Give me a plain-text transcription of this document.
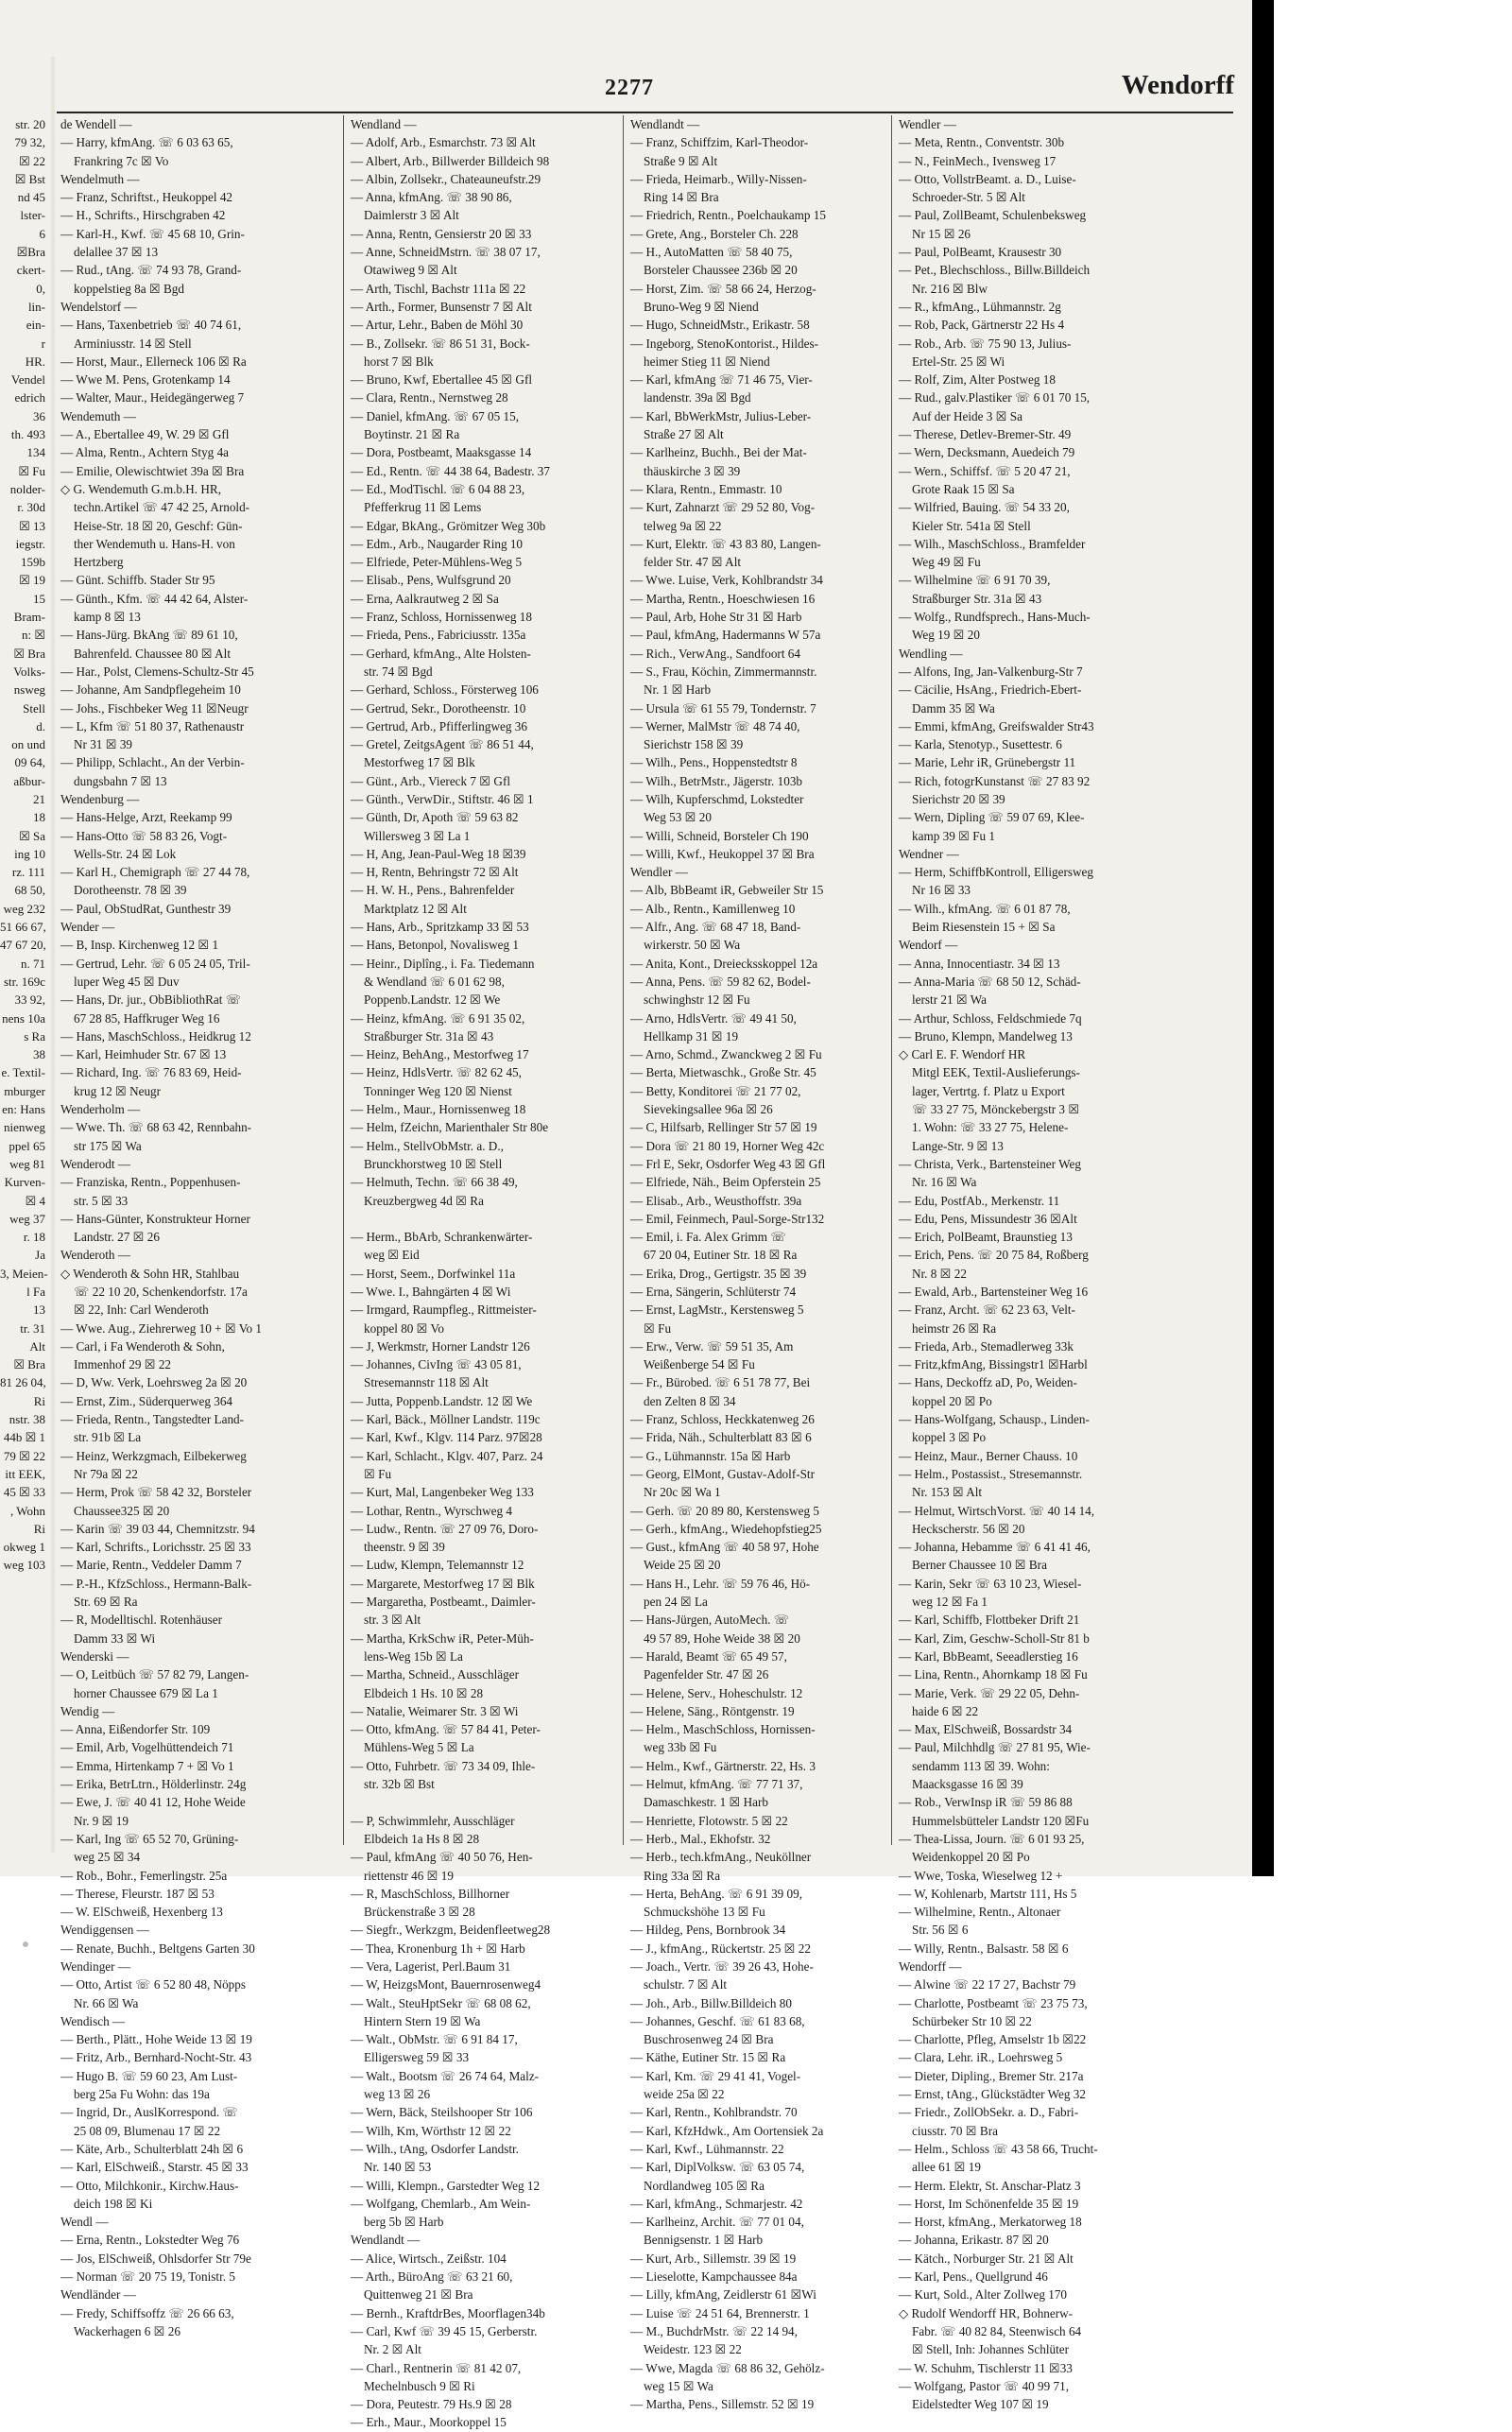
str. 20
79 32,
☒ 22
☒ Bst
nd 45
lster-
6
☒Bra
ckert-
0,
lin-
ein-
r
HR.
Vendel
edrich
36
th. 493
134
☒ Fu
nolder-
r. 30d
☒ 13
iegstr.
159b
☒ 19
15
Bram-
n: ☒
☒ Bra
Volks-
nsweg
Stell
d.
on und
09 64,
aßbur-
21
18
☒ Sa
ing 10
rz. 111
68 50,
weg 232
51 66 67,
47 67 20,
n. 71
str. 169c
33 92,
nens 10a
s Ra
38
e. Textil-
mburger
en: Hans
nienweg
ppel 65
weg 81
Kurven-
☒ 4
weg 37
r. 18
Ja
3, Meien-
l Fa
13
tr. 31
Alt
☒ Bra
81 26 04,
Ri
nstr. 38
44b ☒ 1
79 ☒ 22
itt EEK,
45 ☒ 33
, Wohn
Ri
okweg 1
weg 103
2277	Wendorff
de Wendell —
— Harry, kfmAng. ☏ 6 03 63 65,
Frankring 7c ☒ Vo
Wendelmuth —
— Franz, Schriftst., Heukoppel 42
— H., Schrifts., Hirschgraben 42
— Karl-H., Kwf. ☏ 45 68 10, Grin-
delallee 37 ☒ 13
— Rud., tAng. ☏ 74 93 78, Grand-
koppelstieg 8a ☒ Bgd
Wendelstorf —
— Hans, Taxenbetrieb ☏ 40 74 61,
Arminiusstr. 14 ☒ Stell
— Horst, Maur., Ellerneck 106 ☒ Ra
— Wwe M. Pens, Grotenkamp 14
— Walter, Maur., Heidegängerweg 7
Wendemuth —
— A., Ebertallee 49, W. 29 ☒ Gfl
— Alma, Rentn., Achtern Styg 4a
— Emilie, Olewischtwiet 39a ☒ Bra
◇ G. Wendemuth G.m.b.H. HR,
techn.Artikel ☏ 47 42 25, Arnold-
Heise-Str. 18 ☒ 20, Geschf: Gün-
ther Wendemuth u. Hans-H. von
Hertzberg
— Günt. Schiffb. Stader Str 95
— Günth., Kfm. ☏ 44 42 64, Alster-
kamp 8 ☒ 13
— Hans-Jürg. BkAng ☏ 89 61 10,
Bahrenfeld. Chaussee 80 ☒ Alt
— Har., Polst, Clemens-Schultz-Str 45
— Johanne, Am Sandpflegeheim 10
— Johs., Fischbeker Weg 11 ☒Neugr
— L, Kfm ☏ 51 80 37, Rathenaustr
Nr 31 ☒ 39
— Philipp, Schlacht., An der Verbin-
dungsbahn 7 ☒ 13
Wendenburg —
— Hans-Helge, Arzt, Reekamp 99
— Hans-Otto ☏ 58 83 26, Vogt-
Wells-Str. 24 ☒ Lok
— Karl H., Chemigraph ☏ 27 44 78,
Dorotheenstr. 78 ☒ 39
— Paul, ObStudRat, Gunthestr 39
Wender —
— B, Insp. Kirchenweg 12 ☒ 1
— Gertrud, Lehr. ☏ 6 05 24 05, Tril-
luper Weg 45 ☒ Duv
— Hans, Dr. jur., ObBibliothRat ☏
67 28 85, Haffkruger Weg 16
— Hans, MaschSchloss., Heidkrug 12
— Karl, Heimhuder Str. 67 ☒ 13
— Richard, Ing. ☏ 76 83 69, Heid-
krug 12 ☒ Neugr
Wenderholm —
— Wwe. Th. ☏ 68 63 42, Rennbahn-
str 175 ☒ Wa
Wenderodt —
— Franziska, Rentn., Poppenhusen-
str. 5 ☒ 33
— Hans-Günter, Konstrukteur Horner
Landstr. 27 ☒ 26
Wenderoth —
◇ Wenderoth & Sohn HR, Stahlbau
☏ 22 10 20, Schenkendorfstr. 17a
☒ 22, Inh: Carl Wenderoth
— Wwe. Aug., Ziehrerweg 10 + ☒ Vo 1
— Carl, i Fa Wenderoth & Sohn,
Immenhof 29 ☒ 22
— D, Ww. Verk, Loehrsweg 2a ☒ 20
— Ernst, Zim., Süderquerweg 364
— Frieda, Rentn., Tangstedter Land-
str. 91b ☒ La
— Heinz, Werkzgmach, Eilbekerweg
Nr 79a ☒ 22
— Herm, Prok ☏ 58 42 32, Borsteler
Chaussee325 ☒ 20
— Karin ☏ 39 03 44, Chemnitzstr. 94
— Karl, Schrifts., Lorichsstr. 25 ☒ 33
— Marie, Rentn., Veddeler Damm 7
— P.-H., KfzSchloss., Hermann-Balk-
Str. 69 ☒ Ra
— R, Modelltischl. Rotenhäuser
Damm 33 ☒ Wi
Wenderski —
— O, Leitbüch ☏ 57 82 79, Langen-
horner Chaussee 679 ☒ La 1
Wendig —
— Anna, Eißendorfer Str. 109
— Emil, Arb, Vogelhüttendeich 71
— Emma, Hirtenkamp 7 + ☒ Vo 1
— Erika, BetrLtrn., Hölderlinstr. 24g
— Ewe, J. ☏ 40 41 12, Hohe Weide
Nr. 9 ☒ 19
— Karl, Ing ☏ 65 52 70, Grüning-
weg 25 ☒ 34
— Rob., Bohr., Femerlingstr. 25a
— Therese, Fleurstr. 187 ☒ 53
— W. ElSchweiß, Hexenberg 13
Wendiggensen —
— Renate, Buchh., Beltgens Garten 30
Wendinger —
— Otto, Artist ☏ 6 52 80 48, Nöpps
Nr. 66 ☒ Wa
Wendisch —
— Berth., Plätt., Hohe Weide 13 ☒ 19
— Fritz, Arb., Bernhard-Nocht-Str. 43
— Hugo B. ☏ 59 60 23, Am Lust-
berg 25a Fu Wohn: das 19a
— Ingrid, Dr., AuslKorrespond. ☏
25 08 09, Blumenau 17 ☒ 22
— Käte, Arb., Schulterblatt 24h ☒ 6
— Karl, ElSchweiß., Starstr. 45 ☒ 33
— Otto, Milchkonir., Kirchw.Haus-
deich 198 ☒ Ki
Wendl —
— Erna, Rentn., Lokstedter Weg 76
— Jos, ElSchweiß, Ohlsdorfer Str 79e
— Norman ☏ 20 75 19, Tonistr. 5
Wendländer —
— Fredy, Schiffsoffz ☏ 26 66 63,
Wackerhagen 6 ☒ 26
Wendland —
— Adolf, Arb., Esmarchstr. 73 ☒ Alt
— Albert, Arb., Billwerder Billdeich 98
— Albin, Zollsekr., Chateauneufstr.29
— Anna, kfmAng. ☏ 38 90 86,
Daimlerstr 3 ☒ Alt
— Anna, Rentn, Gensierstr 20 ☒ 33
— Anne, SchneidMstrn. ☏ 38 07 17,
Otawiweg 9 ☒ Alt
— Arth, Tischl, Bachstr 111a ☒ 22
— Arth., Former, Bunsenstr 7 ☒ Alt
— Artur, Lehr., Baben de Möhl 30
— B., Zollsekr. ☏ 86 51 31, Bock-
horst 7 ☒ Blk
— Bruno, Kwf, Ebertallee 45 ☒ Gfl
— Clara, Rentn., Nernstweg 28
— Daniel, kfmAng. ☏ 67 05 15,
Boytinstr. 21 ☒ Ra
— Dora, Postbeamt, Maaksgasse 14
— Ed., Rentn. ☏ 44 38 64, Badestr. 37
— Ed., ModTischl. ☏ 6 04 88 23,
Pfefferkrug 11 ☒ Lems
— Edgar, BkAng., Grömitzer Weg 30b
— Edm., Arb., Naugarder Ring 10
— Elfriede, Peter-Mühlens-Weg 5
— Elisab., Pens, Wulfsgrund 20
— Erna, Aalkrautweg 2 ☒ Sa
— Franz, Schloss, Hornissenweg 18
— Frieda, Pens., Fabriciusstr. 135a
— Gerhard, kfmAng., Alte Holsten-
str. 74 ☒ Bgd
— Gerhard, Schloss., Försterweg 106
— Gertrud, Sekr., Dorotheenstr. 10
— Gertrud, Arb., Pfifferlingweg 36
— Gretel, ZeitgsAgent ☏ 86 51 44,
Mestorfweg 17 ☒ Blk
— Günt., Arb., Viereck 7 ☒ Gfl
— Günth., VerwDir., Stiftstr. 46 ☒ 1
— Günth, Dr, Apoth ☏ 59 63 82
Willersweg 3 ☒ La 1
— H, Ang, Jean-Paul-Weg 18 ☒39
— H, Rentn, Behringstr 72 ☒ Alt
— H. W. H., Pens., Bahrenfelder
Marktplatz 12 ☒ Alt
— Hans, Arb., Spritzkamp 33 ☒ 53
— Hans, Betonpol, Novalisweg 1
— Heinr., Diplîng., i. Fa. Tiedemann
& Wendland ☏ 6 01 62 98,
Poppenb.Landstr. 12 ☒ We
— Heinz, kfmAng. ☏ 6 91 35 02,
Straßburger Str. 31a ☒ 43
— Heinz, BehAng., Mestorfweg 17
— Heinz, HdlsVertr. ☏ 82 62 45,
Tonninger Weg 120 ☒ Nienst
— Helm., Maur., Hornissenweg 18
— Helm, fZeichn, Marienthaler Str 80e
— Helm., StellvObMstr. a. D.,
Brunckhorstweg 10 ☒ Stell
— Helmuth, Techn. ☏ 66 38 49,
Kreuzbergweg 4d ☒ Ra
— Herm., BbArb, Schrankenwärter-
weg ☒ Eid
— Horst, Seem., Dorfwinkel 11a
— Wwe. I., Bahngärten 4 ☒ Wi
— Irmgard, Raumpfleg., Rittmeister-
koppel 80 ☒ Vo
— J, Werkmstr, Horner Landstr 126
— Johannes, CivIng ☏ 43 05 81,
Stresemannstr 118 ☒ Alt
— Jutta, Poppenb.Landstr. 12 ☒ We
— Karl, Bäck., Möllner Landstr. 119c
— Karl, Kwf., Klgv. 114 Parz. 97☒28
— Karl, Schlacht., Klgv. 407, Parz. 24
☒ Fu
— Kurt, Mal, Langenbeker Weg 133
— Lothar, Rentn., Wyrschweg 4
— Ludw., Rentn. ☏ 27 09 76, Doro-
theenstr. 9 ☒ 39
— Ludw, Klempn, Telemannstr 12
— Margarete, Mestorfweg 17 ☒ Blk
— Margaretha, Postbeamt., Daimler-
str. 3 ☒ Alt
— Martha, KrkSchw iR, Peter-Müh-
lens-Weg 15b ☒ La
— Martha, Schneid., Ausschläger
Elbdeich 1 Hs. 10 ☒ 28
— Natalie, Weimarer Str. 3 ☒ Wi
— Otto, kfmAng. ☏ 57 84 41, Peter-
Mühlens-Weg 5 ☒ La
— Otto, Fuhrbetr. ☏ 73 34 09, Ihle-
str. 32b ☒ Bst
— P, Schwimmlehr, Ausschläger
Elbdeich 1a Hs 8 ☒ 28
— Paul, kfmAng ☏ 40 50 76, Hen-
riettenstr 46 ☒ 19
— R, MaschSchloss, Billhorner
Brückenstraße 3 ☒ 28
— Siegfr., Werkzgm, Beidenfleetweg28
— Thea, Kronenburg 1h + ☒ Harb
— Vera, Lagerist, Perl.Baum 31
— W, HeizgsMont, Bauernrosenweg4
— Walt., SteuHptSekr ☏ 68 08 62,
Hintern Stern 19 ☒ Wa
— Walt., ObMstr. ☏ 6 91 84 17,
Elligersweg 59 ☒ 33
— Walt., Bootsm ☏ 26 74 64, Malz-
weg 13 ☒ 26
— Wern, Bäck, Steilshooper Str 106
— Wilh, Km, Wörthstr 12 ☒ 22
— Wilh., tAng, Osdorfer Landstr.
Nr. 140 ☒ 53
— Willi, Klempn., Garstedter Weg 12
— Wolfgang, Chemlarb., Am Wein-
berg 5b ☒ Harb
Wendlandt —
— Alice, Wirtsch., Zeißstr. 104
— Arth., BüroAng ☏ 63 21 60,
Quittenweg 21 ☒ Bra
— Bernh., KraftdrBes, Moorflagen34b
— Carl, Kwf ☏ 39 45 15, Gerberstr.
Nr. 2 ☒ Alt
— Charl., Rentnerin ☏ 81 42 07,
Mechelnbusch 9 ☒ Ri
— Dora, Peutestr. 79 Hs.9 ☒ 28
— Erh., Maur., Moorkoppel 15
Wendlandt —
— Franz, Schiffzim, Karl-Theodor-
Straße 9 ☒ Alt
— Frieda, Heimarb., Willy-Nissen-
Ring 14 ☒ Bra
— Friedrich, Rentn., Poelchaukamp 15
— Grete, Ang., Borsteler Ch. 228
— H., AutoMatten ☏ 58 40 75,
Borsteler Chaussee 236b ☒ 20
— Horst, Zim. ☏ 58 66 24, Herzog-
Bruno-Weg 9 ☒ Niend
— Hugo, SchneidMstr., Erikastr. 58
— Ingeborg, StenoKontorist., Hildes-
heimer Stieg 11 ☒ Niend
— Karl, kfmAng ☏ 71 46 75, Vier-
landenstr. 39a ☒ Bgd
— Karl, BbWerkMstr, Julius-Leber-
Straße 27 ☒ Alt
— Karlheinz, Buchh., Bei der Mat-
thäuskirche 3 ☒ 39
— Klara, Rentn., Emmastr. 10
— Kurt, Zahnarzt ☏ 29 52 80, Vog-
telweg 9a ☒ 22
— Kurt, Elektr. ☏ 43 83 80, Langen-
felder Str. 47 ☒ Alt
— Wwe. Luise, Verk, Kohlbrandstr 34
— Martha, Rentn., Hoeschwiesen 16
— Paul, Arb, Hohe Str 31 ☒ Harb
— Paul, kfmAng, Hadermanns W 57a
— Rich., VerwAng., Sandfoort 64
— S., Frau, Köchin, Zimmermannstr.
Nr. 1 ☒ Harb
— Ursula ☏ 61 55 79, Tondernstr. 7
— Werner, MalMstr ☏ 48 74 40,
Sierichstr 158 ☒ 39
— Wilh., Pens., Hoppenstedtstr 8
— Wilh., BetrMstr., Jägerstr. 103b
— Wilh, Kupferschmd, Lokstedter
Weg 53 ☒ 20
— Willi, Schneid, Borsteler Ch 190
— Willi, Kwf., Heukoppel 37 ☒ Bra
Wendler —
— Alb, BbBeamt iR, Gebweiler Str 15
— Alb., Rentn., Kamillenweg 10
— Alfr., Ang. ☏ 68 47 18, Band-
wirkerstr. 50 ☒ Wa
— Anita, Kont., Dreiecksskoppel 12a
— Anna, Pens. ☏ 59 82 62, Bodel-
schwinghstr 12 ☒ Fu
— Arno, HdlsVertr. ☏ 49 41 50,
Hellkamp 31 ☒ 19
— Arno, Schmd., Zwanckweg 2 ☒ Fu
— Berta, Mietwaschk., Große Str. 45
— Betty, Konditorei ☏ 21 77 02,
Sievekingsallee 96a ☒ 26
— C, Hilfsarb, Rellinger Str 57 ☒ 19
— Dora ☏ 21 80 19, Horner Weg 42c
— Frl E, Sekr, Osdorfer Weg 43 ☒ Gfl
— Elfriede, Näh., Beim Opferstein 25
— Elisab., Arb., Weusthoffstr. 39a
— Emil, Feinmech, Paul-Sorge-Str132
— Emil, i. Fa. Alex Grimm ☏
67 20 04, Eutiner Str. 18 ☒ Ra
— Erika, Drog., Gertigstr. 35 ☒ 39
— Erna, Sängerin, Schlüterstr 74
— Ernst, LagMstr., Kerstensweg 5
☒ Fu
— Erw., Verw. ☏ 59 51 35, Am
Weißenberge 54 ☒ Fu
— Fr., Bürobed. ☏ 6 51 78 77, Bei
den Zelten 8 ☒ 34
— Franz, Schloss, Heckkatenweg 26
— Frida, Näh., Schulterblatt 83 ☒ 6
— G., Lühmannstr. 15a ☒ Harb
— Georg, ElMont, Gustav-Adolf-Str
Nr 20c ☒ Wa 1
— Gerh. ☏ 20 89 80, Kerstensweg 5
— Gerh., kfmAng., Wiedehopfstieg25
— Gust., kfmAng ☏ 40 58 97, Hohe
Weide 25 ☒ 20
— Hans H., Lehr. ☏ 59 76 46, Hö-
pen 24 ☒ La
— Hans-Jürgen, AutoMech. ☏
49 57 89, Hohe Weide 38 ☒ 20
— Harald, Beamt ☏ 65 49 57,
Pagenfelder Str. 47 ☒ 26
— Helene, Serv., Hoheschulstr. 12
— Helene, Säng., Röntgenstr. 19
— Helm., MaschSchloss, Hornissen-
weg 33b ☒ Fu
— Helm., Kwf., Gärtnerstr. 22, Hs. 3
— Helmut, kfmAng. ☏ 77 71 37,
Damaschkestr. 1 ☒ Harb
— Henriette, Flotowstr. 5 ☒ 22
— Herb., Mal., Ekhofstr. 32
— Herb., tech.kfmAng., Neuköllner
Ring 33a ☒ Ra
— Herta, BehAng. ☏ 6 91 39 09,
Schmuckshöhe 13 ☒ Fu
— Hildeg, Pens, Bornbrook 34
— J., kfmAng., Rückertstr. 25 ☒ 22
— Joach., Vertr. ☏ 39 26 43, Hohe-
schulstr. 7 ☒ Alt
— Joh., Arb., Billw.Billdeich 80
— Johannes, Geschf. ☏ 61 83 68,
Buschrosenweg 24 ☒ Bra
— Käthe, Eutiner Str. 15 ☒ Ra
— Karl, Km. ☏ 29 41 41, Vogel-
weide 25a ☒ 22
— Karl, Rentn., Kohlbrandstr. 70
— Karl, KfzHdwk., Am Oortensiek 2a
— Karl, Kwf., Lühmannstr. 22
— Karl, DiplVolksw. ☏ 63 05 74,
Nordlandweg 105 ☒ Ra
— Karl, kfmAng., Schmarjestr. 42
— Karlheinz, Archit. ☏ 77 01 04,
Bennigsenstr. 1 ☒ Harb
— Kurt, Arb., Sillemstr. 39 ☒ 19
— Lieselotte, Kampchaussee 84a
— Lilly, kfmAng, Zeidlerstr 61 ☒Wi
— Luise ☏ 24 51 64, Brennerstr. 1
— M., BuchdrMstr. ☏ 22 14 94,
Weidestr. 123 ☒ 22
— Wwe, Magda ☏ 68 86 32, Gehölz-
weg 15 ☒ Wa
— Martha, Pens., Sillemstr. 52 ☒ 19
Wendler —
— Meta, Rentn., Conventstr. 30b
— N., FeinMech., Ivensweg 17
— Otto, VollstrBeamt. a. D., Luise-
Schroeder-Str. 5 ☒ Alt
— Paul, ZollBeamt, Schulenbeksweg
Nr 15 ☒ 26
— Paul, PolBeamt, Krausestr 30
— Pet., Blechschloss., Billw.Billdeich
Nr. 216 ☒ Blw
— R., kfmAng., Lühmannstr. 2g
— Rob, Pack, Gärtnerstr 22 Hs 4
— Rob., Arb. ☏ 75 90 13, Julius-
Ertel-Str. 25 ☒ Wi
— Rolf, Zim, Alter Postweg 18
— Rud., galv.Plastiker ☏ 6 01 70 15,
Auf der Heide 3 ☒ Sa
— Therese, Detlev-Bremer-Str. 49
— Wern, Decksmann, Auedeich 79
— Wern., Schiffsf. ☏ 5 20 47 21,
Grote Raak 15 ☒ Sa
— Wilfried, Bauing. ☏ 54 33 20,
Kieler Str. 541a ☒ Stell
— Wilh., MaschSchloss., Bramfelder
Weg 49 ☒ Fu
— Wilhelmine ☏ 6 91 70 39,
Straßburger Str. 31a ☒ 43
— Wolfg., Rundfsprech., Hans-Much-
Weg 19 ☒ 20
Wendling —
— Alfons, Ing, Jan-Valkenburg-Str 7
— Cäcilie, HsAng., Friedrich-Ebert-
Damm 35 ☒ Wa
— Emmi, kfmAng, Greifswalder Str43
— Karla, Stenotyp., Susettestr. 6
— Marie, Lehr iR, Grünebergstr 11
— Rich, fotogrKunstanst ☏ 27 83 92
Sierichstr 20 ☒ 39
— Wern, Dipling ☏ 59 07 69, Klee-
kamp 39 ☒ Fu 1
Wendner —
— Herm, SchiffbKontroll, Elligersweg
Nr 16 ☒ 33
— Wilh., kfmAng. ☏ 6 01 87 78,
Beim Riesenstein 15 + ☒ Sa
Wendorf —
— Anna, Innocentiastr. 34 ☒ 13
— Anna-Maria ☏ 68 50 12, Schäd-
lerstr 21 ☒ Wa
— Arthur, Schloss, Feldschmiede 7q
— Bruno, Klempn, Mandelweg 13
◇ Carl E. F. Wendorf HR
Mitgl EEK, Textil-Auslieferungs-
lager, Vertrtg. f. Platz u Export
☏ 33 27 75, Mönckebergstr 3 ☒
1. Wohn: ☏ 33 27 75, Helene-
Lange-Str. 9 ☒ 13
— Christa, Verk., Bartensteiner Weg
Nr. 16 ☒ Wa
— Edu, PostfAb., Merkenstr. 11
— Edu, Pens, Missundestr 36 ☒Alt
— Erich, PolBeamt, Braunstieg 13
— Erich, Pens. ☏ 20 75 84, Roßberg
Nr. 8 ☒ 22
— Ewald, Arb., Bartensteiner Weg 16
— Franz, Archt. ☏ 62 23 63, Velt-
heimstr 26 ☒ Ra
— Frieda, Arb., Stemadlerweg 33k
— Fritz,kfmAng, Bissingstr1 ☒Harbl
— Hans, Deckoffz aD, Po, Weiden-
koppel 20 ☒ Po
— Hans-Wolfgang, Schausp., Linden-
koppel 3 ☒ Po
— Heinz, Maur., Berner Chauss. 10
— Helm., Postassist., Stresemannstr.
Nr. 153 ☒ Alt
— Helmut, WirtschVorst. ☏ 40 14 14,
Heckscherstr. 56 ☒ 20
— Johanna, Hebamme ☏ 6 41 41 46,
Berner Chaussee 10 ☒ Bra
— Karin, Sekr ☏ 63 10 23, Wiesel-
weg 12 ☒ Fa 1
— Karl, Schiffb, Flottbeker Drift 21
— Karl, Zim, Geschw-Scholl-Str 81 b
— Karl, BbBeamt, Seeadlerstieg 16
— Lina, Rentn., Ahornkamp 18 ☒ Fu
— Marie, Verk. ☏ 29 22 05, Dehn-
haide 6 ☒ 22
— Max, ElSchweiß, Bossardstr 34
— Paul, Milchhdlg ☏ 27 81 95, Wie-
sendamm 113 ☒ 39. Wohn:
Maacksgasse 16 ☒ 39
— Rob., VerwInsp iR ☏ 59 86 88
Hummelsbütteler Landstr 120 ☒Fu
— Thea-Lissa, Journ. ☏ 6 01 93 25,
Weidenkoppel 20 ☒ Po
— Wwe, Toska, Wieselweg 12 +
— W, Kohlenarb, Martstr 111, Hs 5
— Wilhelmine, Rentn., Altonaer
Str. 56 ☒ 6
— Willy, Rentn., Balsastr. 58 ☒ 6
Wendorff —
— Alwine ☏ 22 17 27, Bachstr 79
— Charlotte, Postbeamt ☏ 23 75 73,
Schürbeker Str 10 ☒ 22
— Charlotte, Pfleg, Amselstr 1b ☒22
— Clara, Lehr. iR., Loehrsweg 5
— Dieter, Dipling., Bremer Str. 217a
— Ernst, tAng., Glückstädter Weg 32
— Friedr., ZollObSekr. a. D., Fabri-
ciusstr. 70 ☒ Bra
— Helm., Schloss ☏ 43 58 66, Trucht-
allee 61 ☒ 19
— Herm. Elektr, St. Anschar-Platz 3
— Horst, Im Schönenfelde 35 ☒ 19
— Horst, kfmAng., Merkatorweg 18
— Johanna, Erikastr. 87 ☒ 20
— Kätch., Norburger Str. 21 ☒ Alt
— Karl, Pens., Quellgrund 46
— Kurt, Sold., Alter Zollweg 170
◇ Rudolf Wendorff HR, Bohnerw-
Fabr. ☏ 40 82 84, Steenwisch 64
☒ Stell, Inh: Johannes Schlüter
— W. Schuhm, Tischlerstr 11 ☒33
— Wolfgang, Pastor ☏ 40 99 71,
Eidelstedter Weg 107 ☒ 19
